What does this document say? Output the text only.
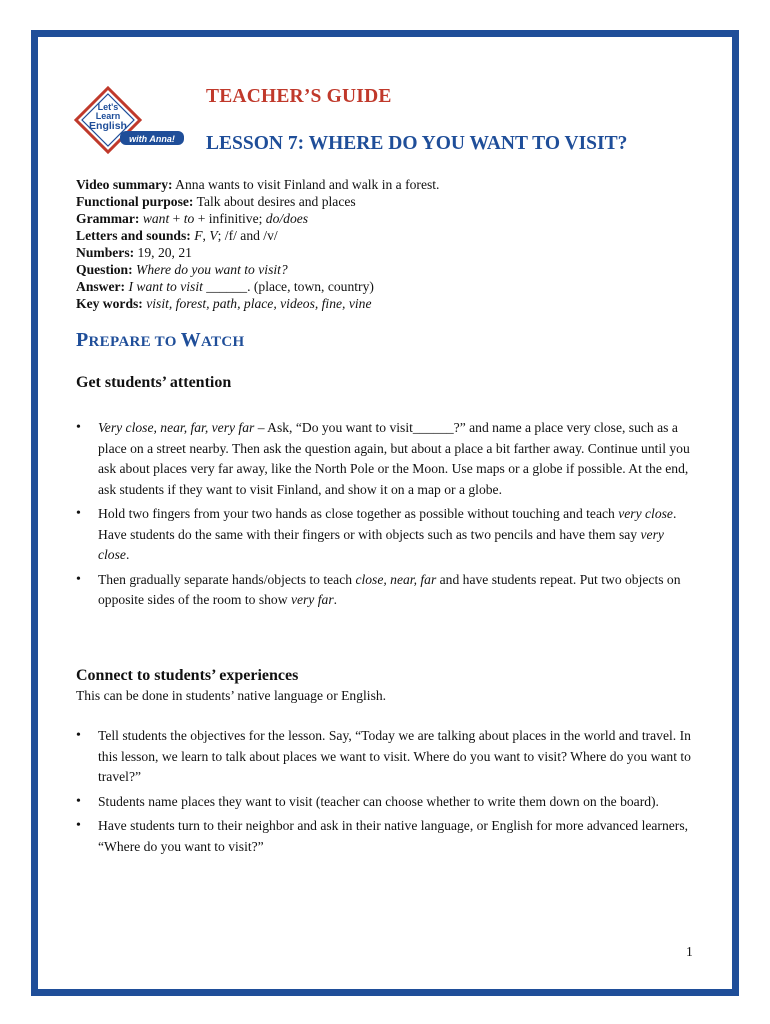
Let's
Learn
English
with Anna!
TEACHER’S GUIDE
LESSON 7: WHERE DO YOU WANT TO VISIT?
Video summary: Anna wants to visit Finland and walk in a forest.
Functional purpose: Talk about desires and places
Grammar: want + to + infinitive; do/does
Letters and sounds: F, V; /f/ and /v/
Numbers: 19, 20, 21
Question: Where do you want to visit?
Answer: I want to visit ______. (place, town, country)
Key words: visit, forest, path, place, videos, fine, vine
PREPARE TO WATCH
Get students’ attention
• Very close, near, far, very far – Ask, “Do you want to visit______?” and name a place very close, such as a place on a street nearby. Then ask the question again, but about a place a bit farther away. Continue until you ask about places very far away, like the North Pole or the Moon. Use maps or a globe if possible. At the end, ask students if they want to visit Finland, and show it on a map or a globe.
• Hold two fingers from your two hands as close together as possible without touching and teach very close. Have students do the same with their fingers or with objects such as two pencils and have them say very close.
• Then gradually separate hands/objects to teach close, near, far and have students repeat. Put two objects on opposite sides of the room to show very far.
Connect to students’ experiences
This can be done in students’ native language or English.
• Tell students the objectives for the lesson. Say, “Today we are talking about places in the world and travel. In this lesson, we learn to talk about places we want to visit. Where do you want to visit? Where do you want to travel?”
• Students name places they want to visit (teacher can choose whether to write them down on the board).
• Have students turn to their neighbor and ask in their native language, or English for more advanced learners, “Where do you want to visit?”
1
